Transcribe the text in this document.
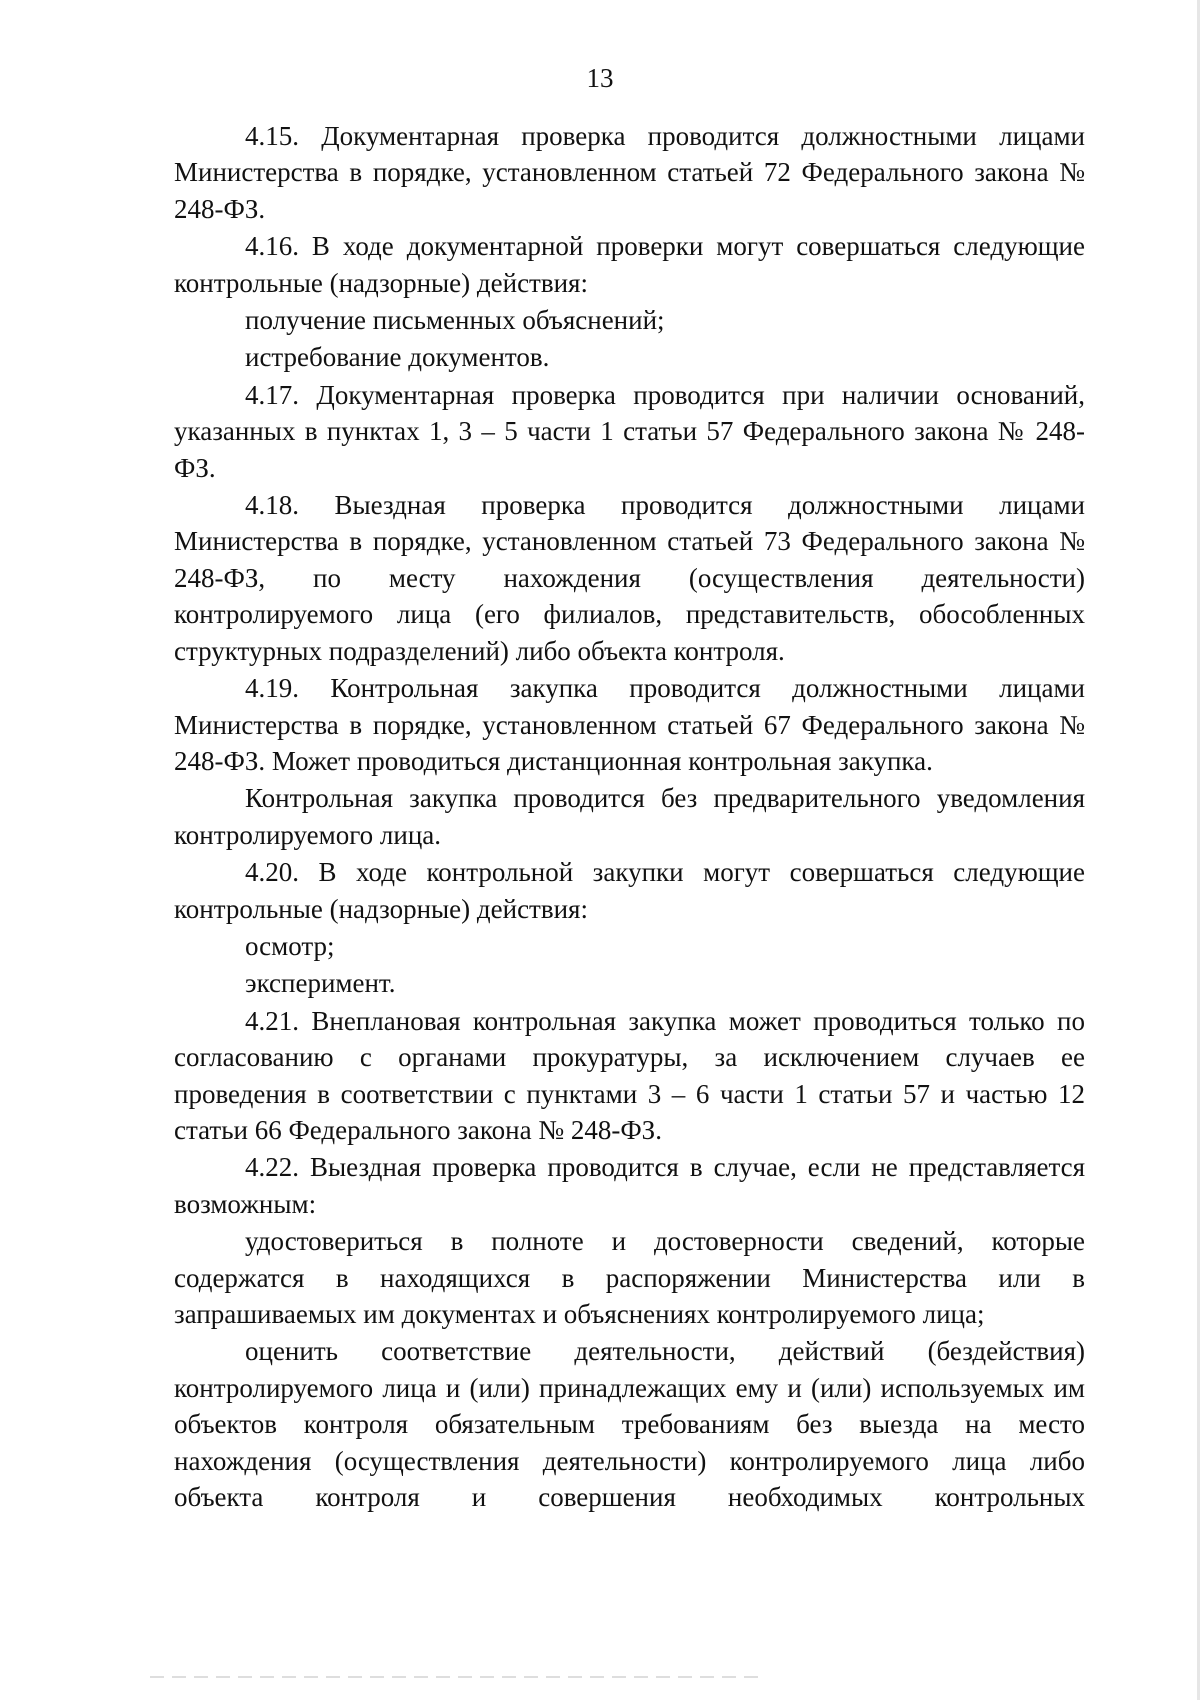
13

4.15. Документарная проверка проводится должностными лицами Министерства в порядке, установленном статьей 72 Федерального закона № 248-ФЗ.

4.16. В ходе документарной проверки могут совершаться следующие контрольные (надзорные) действия:

получение письменных объяснений;

истребование документов.

4.17. Документарная проверка проводится при наличии оснований, указанных в пунктах 1, 3 – 5 части 1 статьи 57 Федерального закона № 248-ФЗ.

4.18. Выездная проверка проводится должностными лицами Министерства в порядке, установленном статьей 73 Федерального закона № 248-ФЗ, по месту нахождения (осуществления деятельности) контролируемого лица (его филиалов, представительств, обособленных структурных подразделений) либо объекта контроля.

4.19. Контрольная закупка проводится должностными лицами Министерства в порядке, установленном статьей 67 Федерального закона № 248-ФЗ. Может проводиться дистанционная контрольная закупка.

Контрольная закупка проводится без предварительного уведомления контролируемого лица.

4.20. В ходе контрольной закупки могут совершаться следующие контрольные (надзорные) действия:

осмотр;

эксперимент.

4.21. Внеплановая контрольная закупка может проводиться только по согласованию с органами прокуратуры, за исключением случаев ее проведения в соответствии с пунктами 3 – 6 части 1 статьи 57 и частью 12 статьи 66 Федерального закона № 248-ФЗ.

4.22. Выездная проверка проводится в случае, если не представляется возможным:

удостовериться в полноте и достоверности сведений, которые содержатся в находящихся в распоряжении Министерства или в запрашиваемых им документах и объяснениях контролируемого лица;

оценить соответствие деятельности, действий (бездействия) контролируемого лица и (или) принадлежащих ему и (или) используемых им объектов контроля обязательным требованиям без выезда на место нахождения (осуществления деятельности) контролируемого лица либо объекта контроля и совершения необходимых контрольных
